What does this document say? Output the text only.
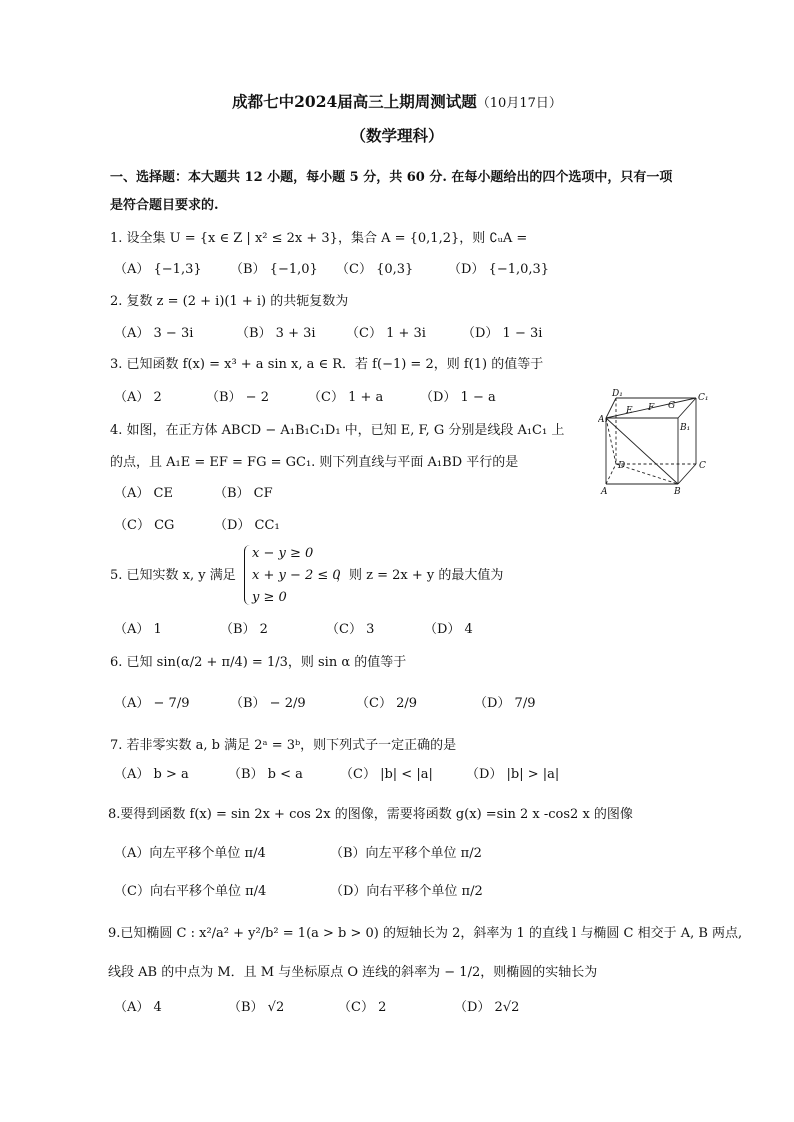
成都七中2024届高三上期周测试题（10月17日）
（数学理科）
一、选择题：本大题共 12 小题，每小题 5 分，共 60 分. 在每小题给出的四个选项中，只有一项
是符合题目要求的.
1. 设全集 U = {x ∈ Z | x² ≤ 2x + 3}，集合 A = {0,1,2}，则 ∁ᵤA =
（A） {−1,3} （B） {−1,0} （C） {0,3}	（D） {−1,0,3}
2. 复数 z = (2 + i)(1 + i) 的共轭复数为
（A） 3 − 3i	（B） 3 + 3i （C） 1 + 3i	（D） 1 − 3i
3. 已知函数 f(x) = x³ + a sin x, a ∈ R．若 f(−1) = 2，则 f(1) 的值等于
（A） 2	（B） − 2	（C） 1 + a	（D） 1 − a
4. 如图，在正方体 ABCD − A₁B₁C₁D₁ 中，已知 E, F, G 分别是线段 A₁C₁ 上
的点，且 A₁E = EF = FG = GC₁. 则下列直线与平面 A₁BD 平行的是
（A） CE	（B） CF
（C） CG	（D） CC₁
D₁
E F G
C₁
A₁
B₁
D	C
A	B
5. 已知实数 x, y 满足
x − y ≥ 0
x + y − 2 ≤ 0
y ≥ 0
，则 z = 2x + y 的最大值为
（A） 1	（B） 2	（C） 3	（D） 4
6. 已知 sin(α/2 + π/4) = 1/3，则 sin α 的值等于
（A） − 7/9	（B） − 2/9	（C） 2/9	（D） 7/9
7. 若非零实数 a, b 满足 2ᵃ = 3ᵇ，则下列式子一定正确的是
（A） b > a	（B） b < a	（C） |b| < |a|	（D） |b| > |a|
8.要得到函数 f(x) = sin 2x + cos 2x 的图像，需要将函数 g(x) =sin 2 x -cos2 x 的图像
（A）向左平移个单位 π/4	（B）向左平移个单位 π/2
（C）向右平移个单位 π/4	（D）向右平移个单位 π/2
9.已知椭圆 C : x²/a² + y²/b² = 1(a > b > 0) 的短轴长为 2，斜率为 1 的直线 l 与椭圆 C 相交于 A, B 两点,
线段 AB 的中点为 M．且 M 与坐标原点 O 连线的斜率为 − 1/2，则椭圆的实轴长为
（A） 4	（B） √2	（C） 2	（D） 2√2
